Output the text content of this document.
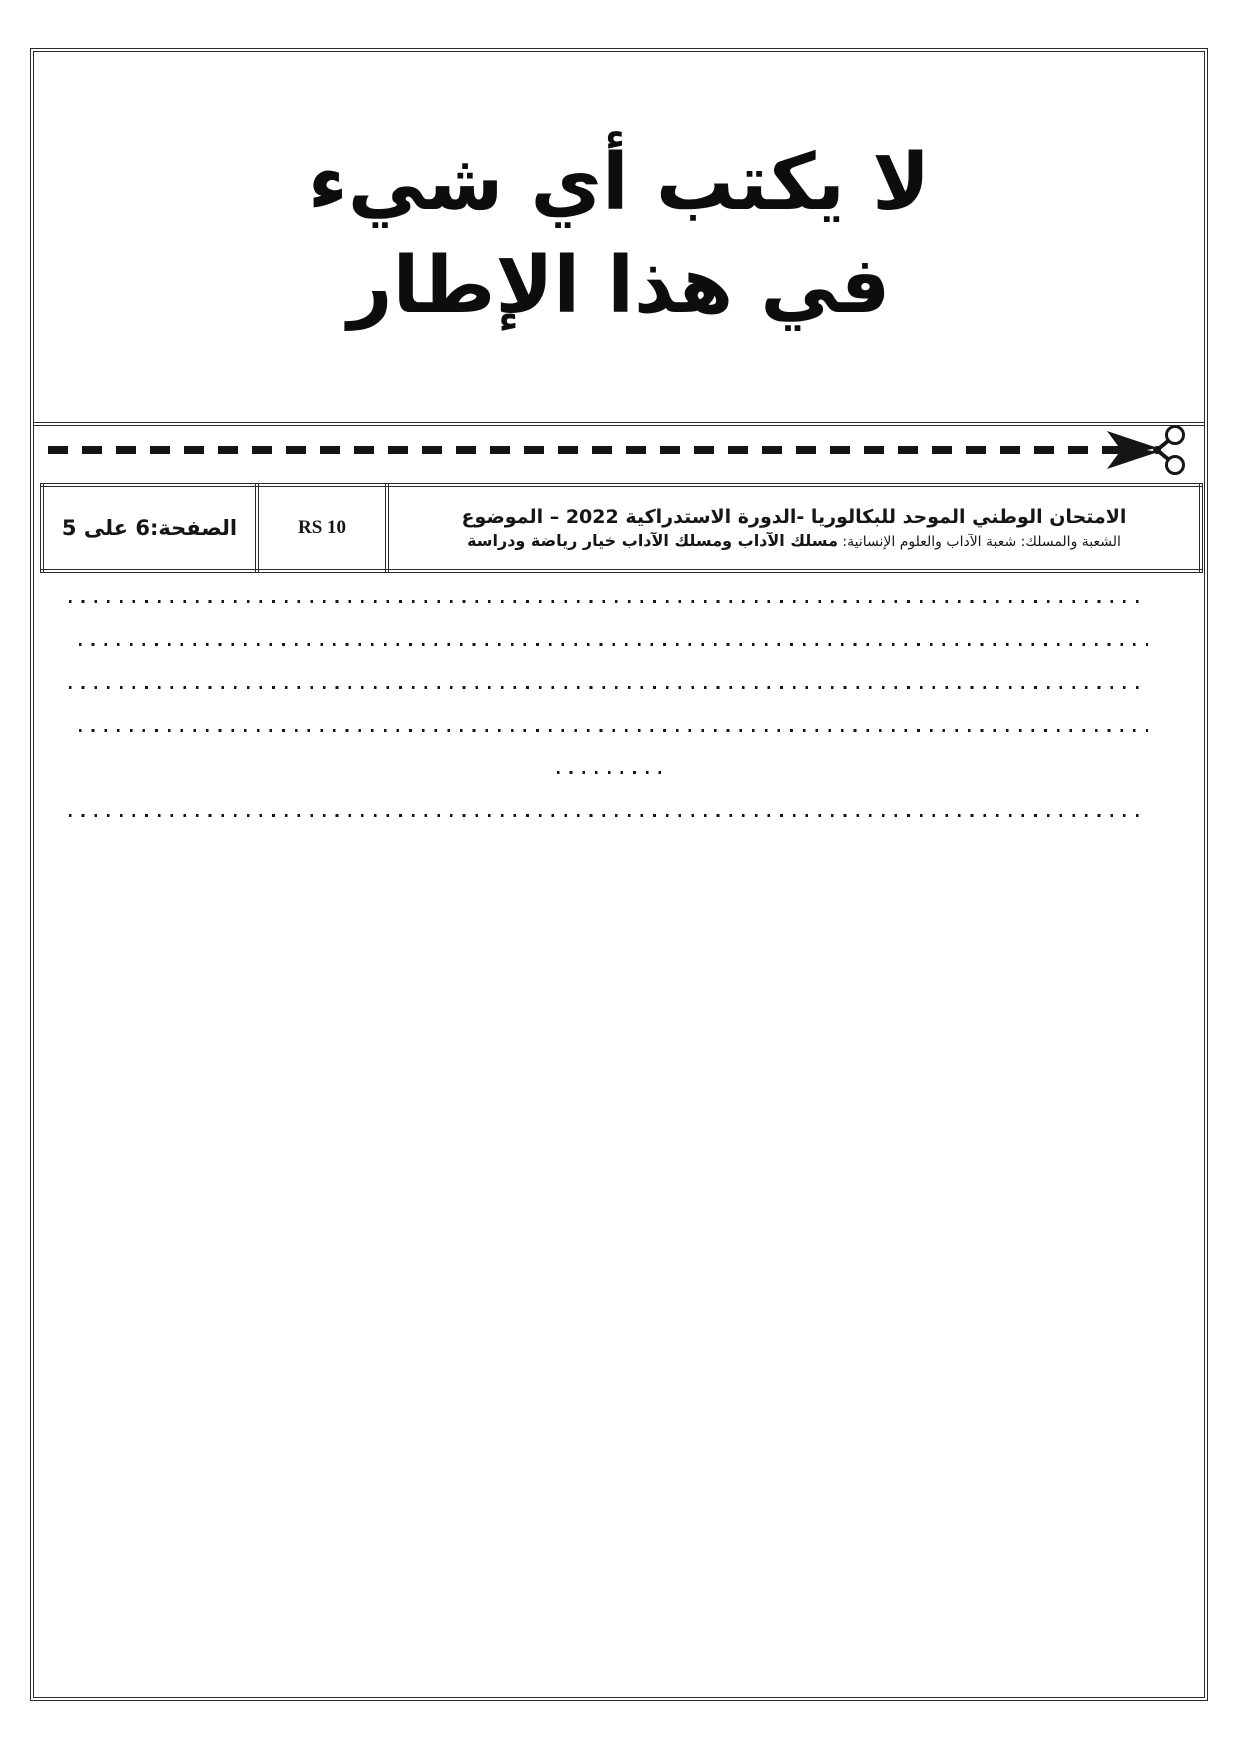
لا يكتب أي شيء
في هذا الإطار
الصفحة:6 على 5	RS 10	الامتحان الوطني الموحد للبكالوريا -الدورة الاستدراكية 2022 – الموضوع
الشعبة والمسلك: شعبة الآداب والعلوم الإنسانية: مسلك الآداب ومسلك الآداب خيار رياضة ودراسة
